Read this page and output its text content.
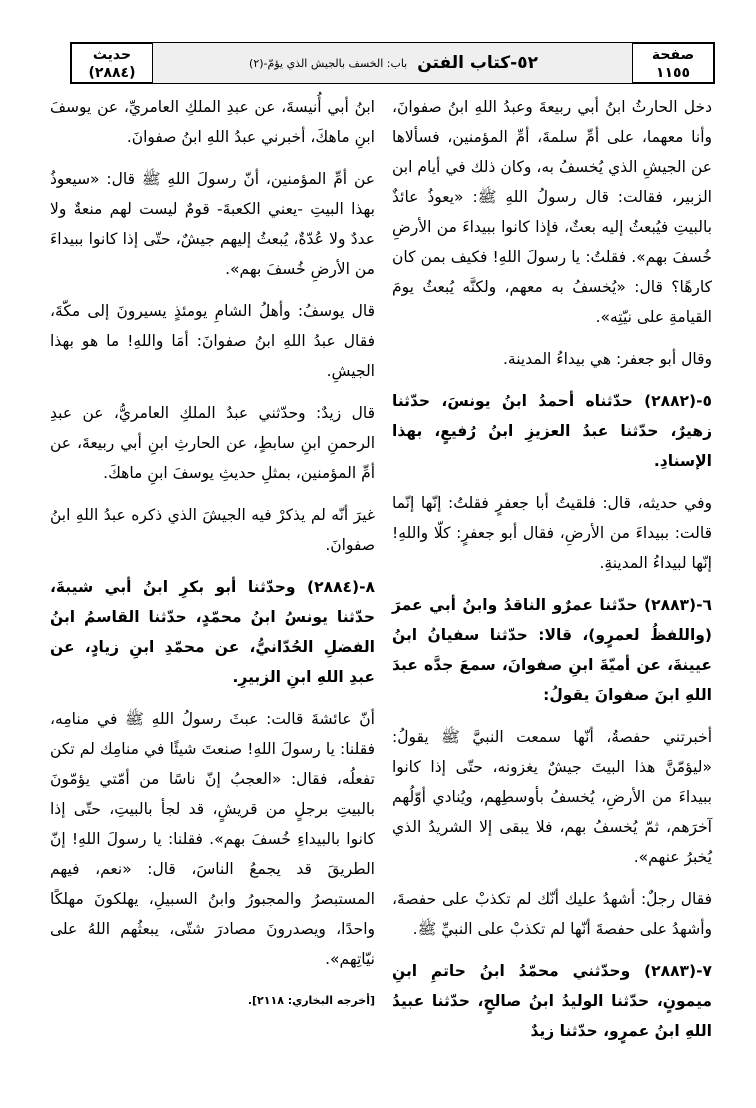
حديث
(٢٨٨٤)
(٢)-باب: الخسف بالجيش الذي يؤمّ ٥٢-كتاب الفتن	صفحة
١١٥٥

دخل الحارثُ ابنُ أبي ربيعةَ وعبدُ اللهِ ابنُ صفوانَ، وأنا معهما، على أمِّ سلمةَ، أمِّ المؤمنين، فسألاها عن الجيشِ الذي يُخسفُ به، وكان ذلك في أيام ابن الزبير، فقالت: قال رسولُ اللهِ ﷺ: «يعوذُ عائذٌ بالبيتِ فيُبعثُ إليه بعثٌ، فإذا كانوا ببيداءَ من الأرضِ خُسفَ بهم». فقلتُ: يا رسولَ اللهِ! فكيف بمن كان كارهًا؟ قال: «يُخسفُ به معهم، ولكنَّه يُبعثُ يومَ القيامةِ على نيّتِه».

وقال أبو جعفر: هي بيداءُ المدينة.

٥-(٢٨٨٢) حدّثناه أحمدُ ابنُ يونسَ، حدّثنا زهيرٌ، حدّثنا عبدُ العزيزِ ابنُ رُفيعٍ، بهذا الإسنادِ.

وفي حديثه، قال: فلقيتُ أبا جعفرٍ فقلتُ: إنّها إنّما قالت: ببيداءَ من الأرضِ، فقال أبو جعفرٍ: كلّا واللهِ! إنّها لبيداءُ المدينةِ.

٦-(٢٨٨٣) حدّثنا عمرٌو الناقدُ وابنُ أبي عمرَ (واللفظُ لعمرٍو)، قالا: حدّثنا سفيانُ ابنُ عيينةَ، عن أميّةَ ابنِ صفوانَ، سمعَ جدَّه عبدَ اللهِ ابنَ صفوانَ يقولُ:

أخبرتني حفصةُ، أنّها سمعت النبيَّ ﷺ يقولُ: «ليؤمّنَّ هذا البيتَ جيشٌ يغزونه، حتّى إذا كانوا ببيداءَ من الأرضِ، يُخسفُ بأوسطِهم، ويُنادي أوّلُهم آخرَهم، ثمّ يُخسفُ بهم، فلا يبقى إلا الشريدُ الذي يُخبرُ عنهم».

فقال رجلٌ: أشهدُ عليك أنّك لم تكذبْ على حفصةَ، وأشهدُ على حفصةَ أنّها لم تكذبْ على النبيِّ ﷺ.

٧-(٢٨٨٣) وحدّثني محمّدُ ابنُ حاتمِ ابنِ ميمونٍ، حدّثنا الوليدُ ابنُ صالحٍ، حدّثنا عبيدُ اللهِ ابنُ عمرٍو، حدّثنا زيدٌ

ابنُ أبي أُنيسةَ، عن عبدِ الملكِ العامريِّ، عن يوسفَ ابنِ ماهكَ، أخبرني عبدُ اللهِ ابنُ صفوانَ.

عن أمِّ المؤمنين، أنّ رسولَ اللهِ ﷺ قال: «سيعوذُ بهذا البيتِ -يعني الكعبةَ- قومٌ ليست لهم منعةٌ ولا عددٌ ولا عُدّةٌ، يُبعثُ إليهم جيشٌ، حتّى إذا كانوا ببيداءَ من الأرضِ خُسفَ بهم».

قال يوسفُ: وأهلُ الشامِ يومئذٍ يسيرونَ إلى مكّةَ، فقال عبدُ اللهِ ابنُ صفوانَ: أمَا واللهِ! ما هو بهذا الجيشِ.

قال زيدٌ: وحدّثني عبدُ الملكِ العامريُّ، عن عبدِ الرحمنِ ابنِ سابطٍ، عن الحارثِ ابنِ أبي ربيعةَ، عن أمِّ المؤمنين، بمثلِ حديثِ يوسفَ ابنِ ماهكَ.

غيرَ أنّه لم يذكرْ فيه الجيشَ الذي ذكره عبدُ اللهِ ابنُ صفوانَ.

٨-(٢٨٨٤) وحدّثنا أبو بكرِ ابنُ أبي شيبةَ، حدّثنا يونسُ ابنُ محمّدٍ، حدّثنا القاسمُ ابنُ الفضلِ الحُدّانيُّ، عن محمّدِ ابنِ زيادٍ، عن عبدِ اللهِ ابنِ الزبيرِ.

أنّ عائشةَ قالت: عبثَ رسولُ اللهِ ﷺ في منامِه، فقلنا: يا رسولَ اللهِ! صنعتَ شيئًا في منامِك لم تكن تفعلُه، فقال: «العجبُ إنّ ناسًا من أمّتي يؤمّونَ بالبيتِ برجلٍ من قريشٍ، قد لجأ بالبيتِ، حتّى إذا كانوا بالبيداءِ خُسفَ بهم». فقلنا: يا رسولَ اللهِ! إنّ الطريقَ قد يجمعُ الناسَ، قال: «نعم، فيهم المستبصرُ والمجبورُ وابنُ السبيلِ، يهلكونَ مهلكًا واحدًا، ويصدرونَ مصادرَ شتّى، يبعثُهم اللهُ على نيّاتِهم».

[أخرجه البخاري: ٢١١٨].
